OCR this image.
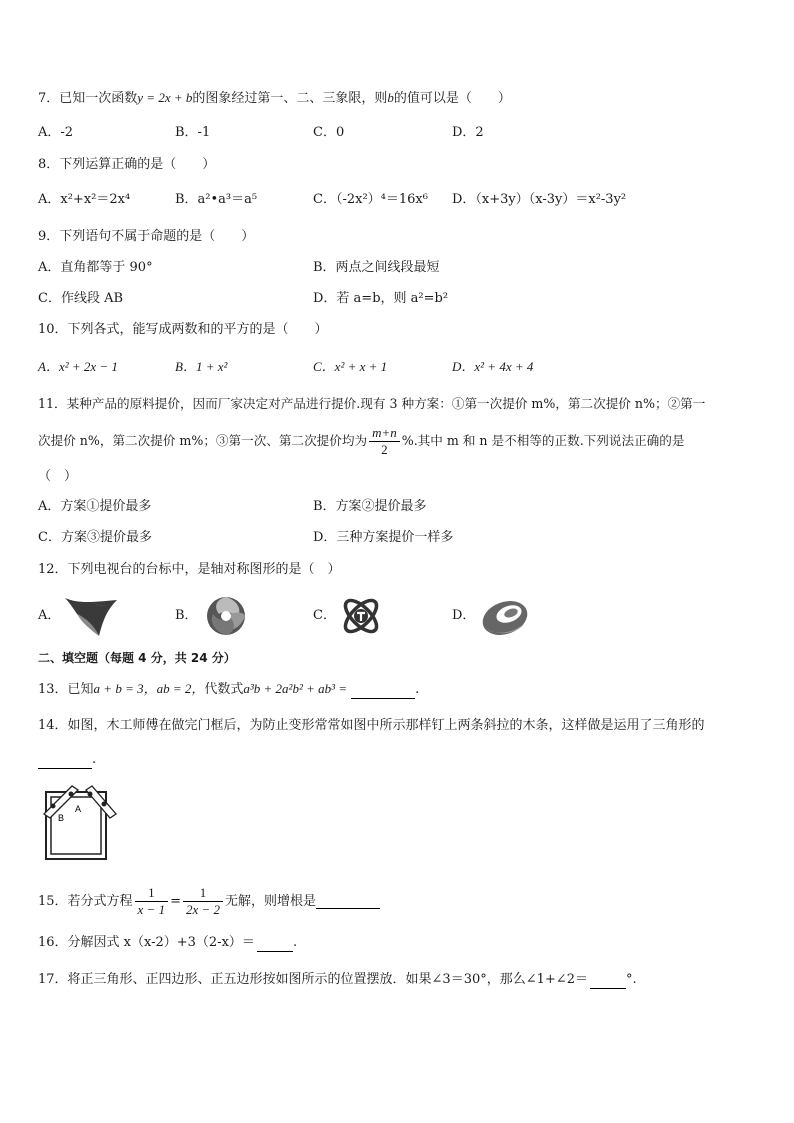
7．已知一次函数y = 2x + b的图象经过第一、二、三象限，则b的值可以是（　　）
A．-2	B．-1	C．0	D．2
8．下列运算正确的是（　　）
A．x²+x²＝2x⁴	B．a²•a³＝a⁵	C．（-2x²）⁴＝16x⁶ D．（x+3y）（x-3y）＝x²-3y²
9．下列语句不属于命题的是（　　）
A．直角都等于 90°	B．两点之间线段最短
C．作线段 AB	D．若 a=b，则 a²=b²
10．下列各式，能写成两数和的平方的是（　　）
A．x² + 2x − 1	B．1 + x²	C．x² + x + 1	D．x² + 4x + 4
11．某种产品的原料提价，因而厂家决定对产品进行提价.现有 3 种方案：①第一次提价 m%，第二次提价 n%；②第一
次提价 n%，第二次提价 m%；③第一次、第二次提价均为 $\frac{m+n}{2}$ %.其中 m 和 n 是不相等的正数.下列说法正确的是
（　）
A．方案①提价最多	B．方案②提价最多
C．方案③提价最多	D．三种方案提价一样多
12．下列电视台的台标中，是轴对称图形的是（　）
A．	B．	C．	D．
二、填空题（每题 4 分，共 24 分）
13．已知a + b = 3，ab = 2，代数式a³b + 2a²b² + ab³ =	.
14．如图，木工师傅在做完门框后，为防止变形常常如图中所示那样钉上两条斜拉的木条，这样做是运用了三角形的
.
A
B
15．若分式方程 $\frac{1}{x - 1} = \frac{1}{2x - 2}$ 无解，则增根是
16．分解因式 x（x-2）+3（2-x）＝	.
17．将正三角形、正四边形、正五边形按如图所示的位置摆放．如果∠3＝30°，那么∠1+∠2＝	°.
